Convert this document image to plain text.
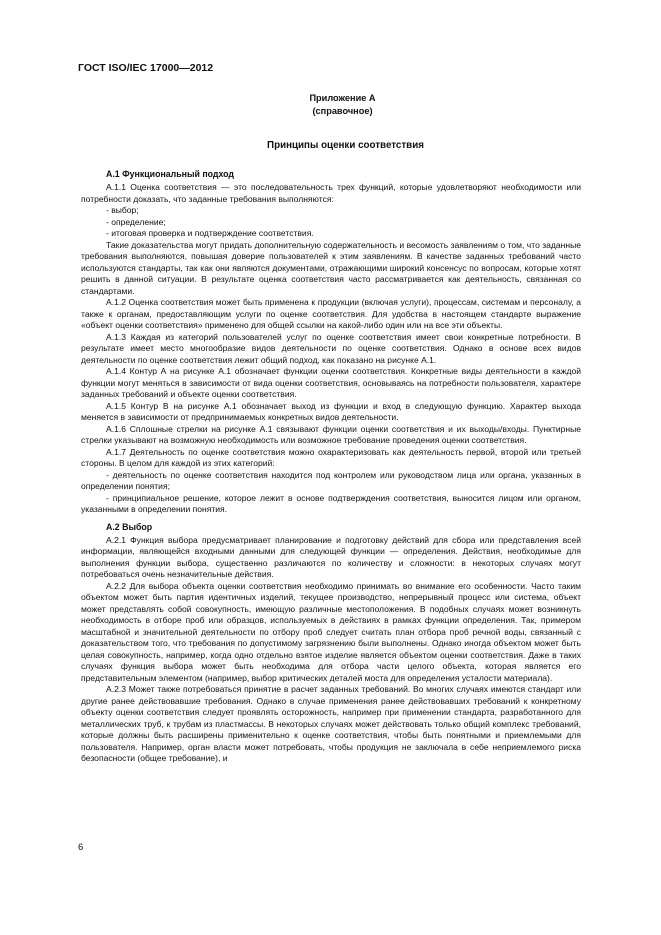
ГОСТ ISO/IEC 17000—2012
Приложение А
(справочное)
Принципы оценки соответствия
А.1 Функциональный подход

А.1.1 Оценка соответствия — это последовательность трех функций, которые удовлетворяют необходимости или потребности доказать, что заданные требования выполняются:

- выбор;

- определение;

- итоговая проверка и подтверждение соответствия.

Такие доказательства могут придать дополнительную содержательность и весомость заявлениям о том, что заданные требования выполняются, повышая доверие пользователей к этим заявлениям. В качестве заданных требований часто используются стандарты, так как они являются документами, отражающими широкий консенсус по вопросам, которые хотят решить в данной ситуации. В результате оценка соответствия часто рассматривается как деятельность, связанная со стандартами.

А.1.2 Оценка соответствия может быть применена к продукции (включая услуги), процессам, системам и персоналу, а также к органам, предоставляющим услуги по оценке соответствия. Для удобства в настоящем стандарте выражение «объект оценки соответствия» применено для общей ссылки на какой-либо один или на все эти объекты.

А.1.3 Каждая из категорий пользователей услуг по оценке соответствия имеет свои конкретные потребности. В результате имеет место многообразие видов деятельности по оценке соответствия. Однако в основе всех видов деятельности по оценке соответствия лежит общий подход, как показано на рисунке А.1.

А.1.4 Контур А на рисунке А.1 обозначает функции оценки соответствия. Конкретные виды деятельности в каждой функции могут меняться в зависимости от вида оценки соответствия, основываясь на потребности пользователя, характере заданных требований и объекте оценки соответствия.

А.1.5 Контур В на рисунке А.1 обозначает выход из функции и вход в следующую функцию. Характер выхода меняется в зависимости от предпринимаемых конкретных видов деятельности.

А.1.6 Сплошные стрелки на рисунке А.1 связывают функции оценки соответствия и их выходы/входы. Пунктирные стрелки указывают на возможную необходимость или возможное требование проведения оценки соответствия.

А.1.7 Деятельность по оценке соответствия можно охарактеризовать как деятельность первой, второй или третьей стороны. В целом для каждой из этих категорий:

- деятельность по оценке соответствия находится под контролем или руководством лица или органа, указанных в определении понятия;

- принципиальное решение, которое лежит в основе подтверждения соответствия, выносится лицом или органом, указанными в определении понятия.

А.2 Выбор

А.2.1 Функция выбора предусматривает планирование и подготовку действий для сбора или представления всей информации, являющейся входными данными для следующей функции — определения. Действия, необходимые для выполнения функции выбора, существенно различаются по количеству и сложности: в некоторых случаях могут потребоваться очень незначительные действия.

А.2.2 Для выбора объекта оценки соответствия необходимо принимать во внимание его особенности. Часто таким объектом может быть партия идентичных изделий, текущее производство, непрерывный процесс или система, объект может представлять собой совокупность, имеющую различные местоположения. В подобных случаях может возникнуть необходимость в отборе проб или образцов, используемых в действиях в рамках функции определения. Так, примером масштабной и значительной деятельности по отбору проб следует считать план отбора проб речной воды, связанный с доказательством того, что требования по допустимому загрязнению были выполнены. Однако иногда объектом может быть целая совокупность, например, когда одно отдельно взятое изделие является объектом оценки соответствия. Даже в таких случаях функция выбора может быть необходима для отбора части целого объекта, которая является его представительным элементом (например, выбор критических деталей моста для определения усталости материала).

А.2.3 Может также потребоваться принятие в расчет заданных требований. Во многих случаях имеются стандарт или другие ранее действовавшие требования. Однако в случае применения ранее действовавших требований к конкретному объекту оценки соответствия следует проявлять осторожность, например при применении стандарта, разработанного для металлических труб, к трубам из пластмассы. В некоторых случаях может действовать только общий комплекс требований, которые должны быть расширены применительно к оценке соответствия, чтобы быть понятными и приемлемыми для пользователя. Например, орган власти может потребовать, чтобы продукция не заключала в себе неприемлемого риска безопасности (общее требование), и

6
